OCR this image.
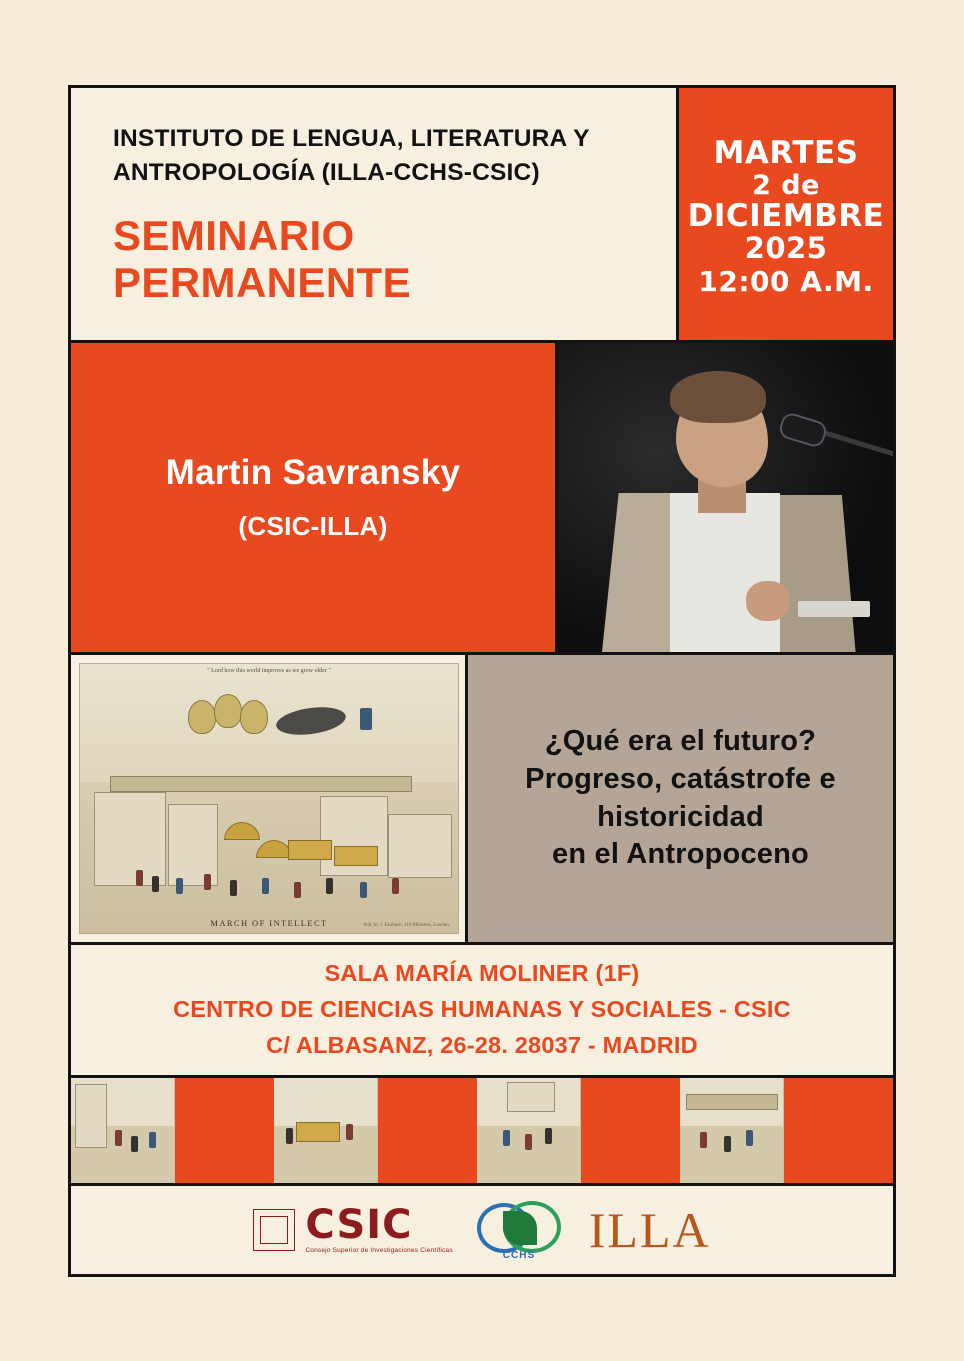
INSTITUTO DE LENGUA, LITERATURA Y
ANTROPOLOGÍA (ILLA-CCHS-CSIC)
SEMINARIO
PERMANENTE
MARTES
2 de
DICIEMBRE
2025
12:00 A.M.
Martin Savransky
(CSIC-ILLA)
" Lord how this world improves as we grow older "
MARCH OF INTELLECT	Pub. by J. Fairburn, 110 Minories, London.
¿Qué era el futuro?
Progreso, catástrofe e
historicidad
en el Antropoceno
SALA MARÍA MOLINER (1F)
CENTRO DE CIENCIAS HUMANAS Y SOCIALES - CSIC
C/ ALBASANZ, 26-28. 28037 - MADRID
CSIC
Consejo Superior de Investigaciones Científicas	CCHS ILLA
